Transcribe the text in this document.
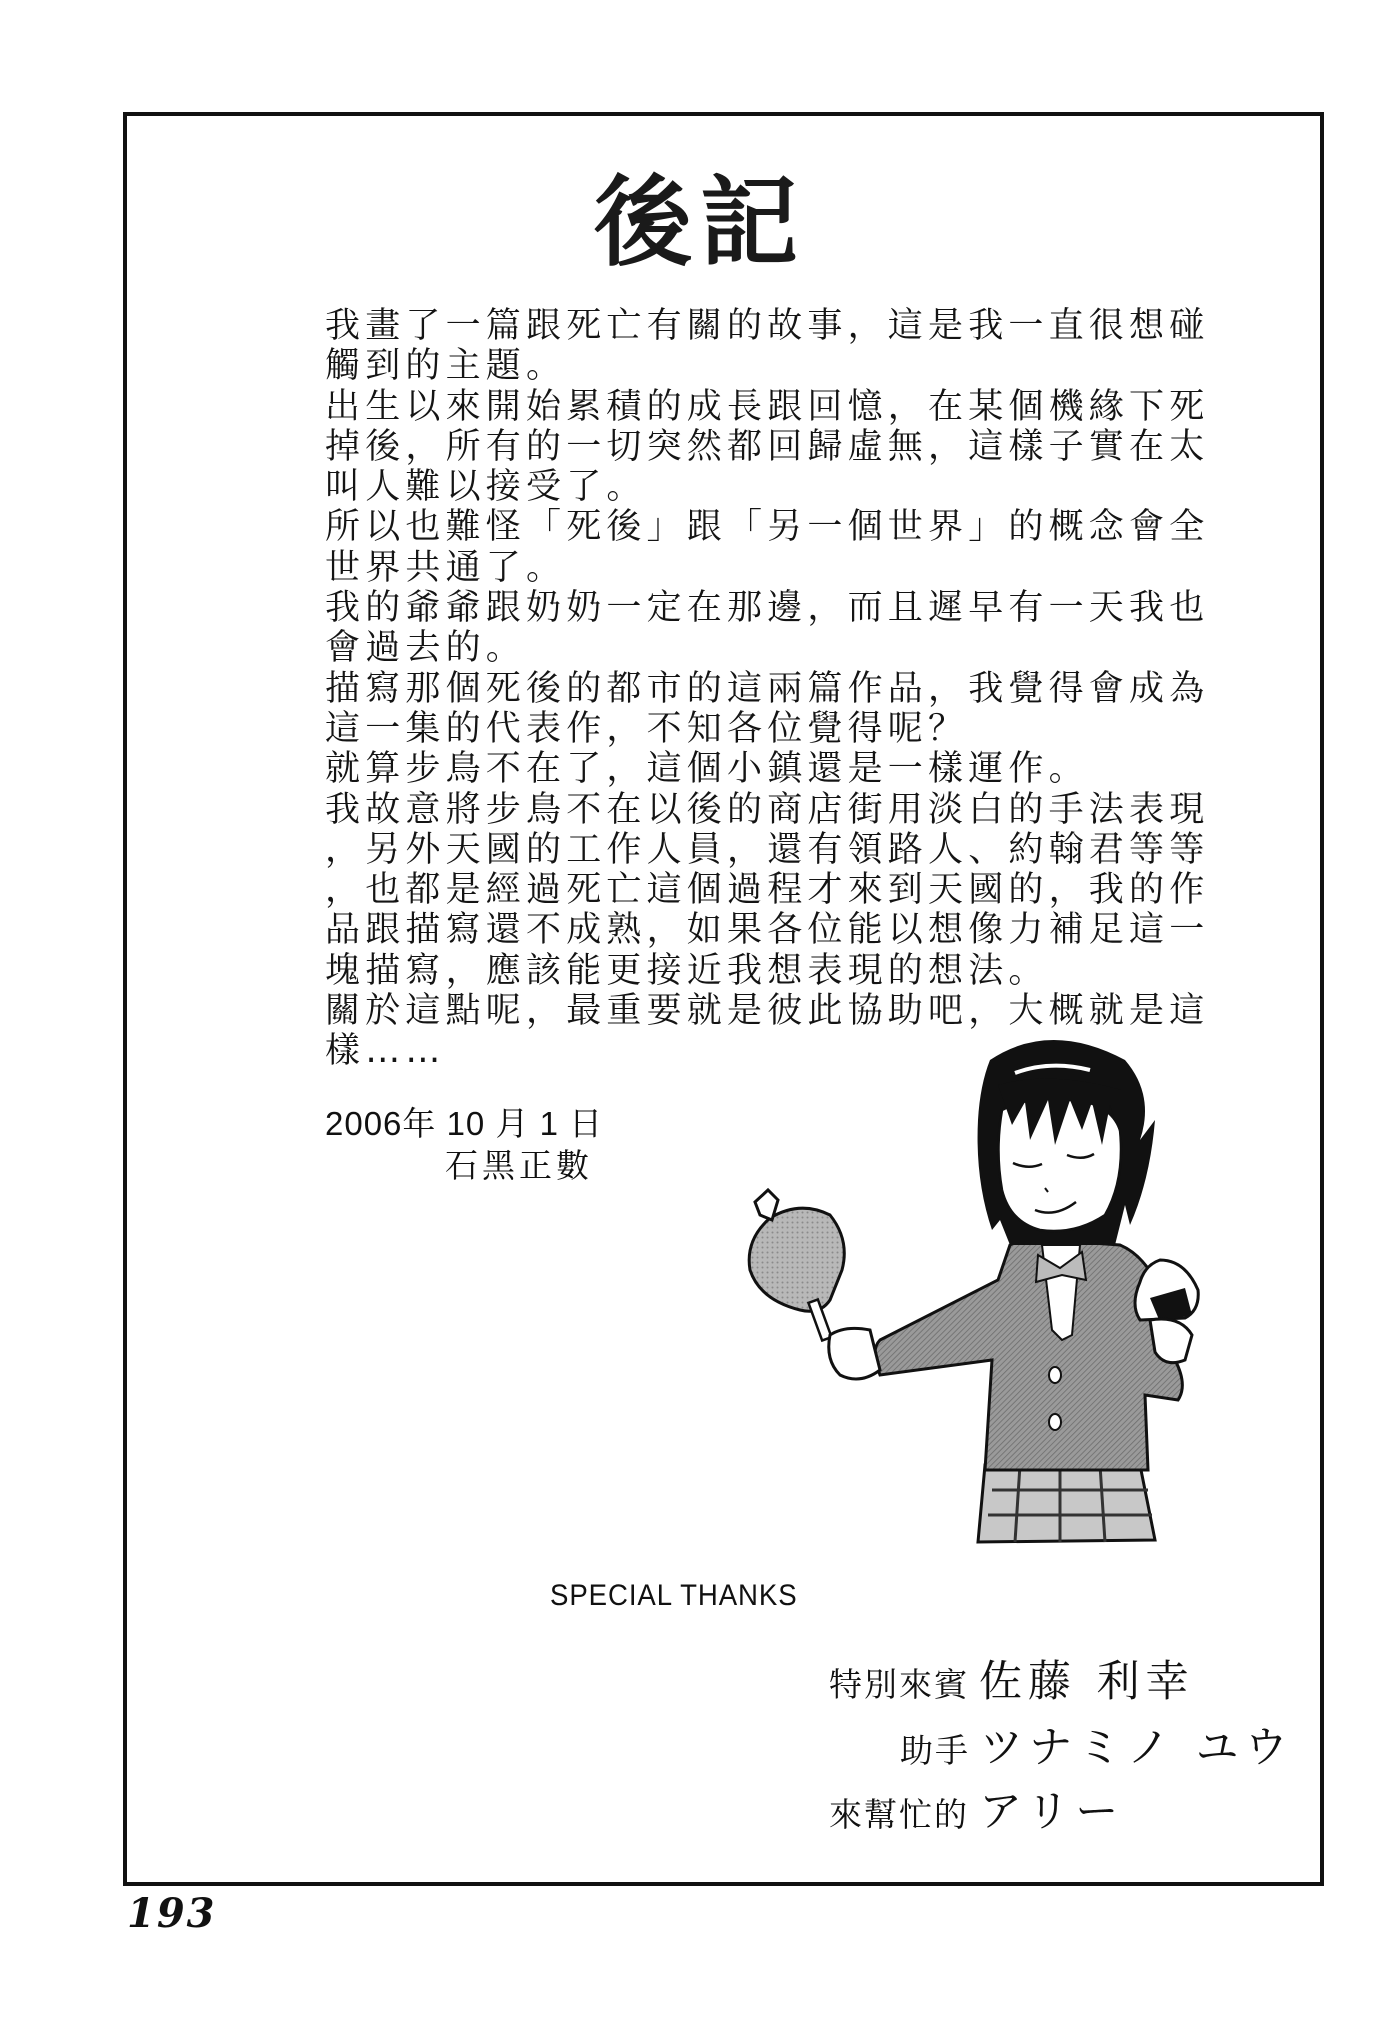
後記
我畫了一篇跟死亡有關的故事，這是我一直很想碰
觸到的主題。
出生以來開始累積的成長跟回憶，在某個機緣下死
掉後，所有的一切突然都回歸虛無，這樣子實在太
叫人難以接受了。
所以也難怪「死後」跟「另一個世界」的概念會全
世界共通了。
我的爺爺跟奶奶一定在那邊，而且遲早有一天我也
會過去的。
描寫那個死後的都市的這兩篇作品，我覺得會成為
這一集的代表作，不知各位覺得呢？
就算步鳥不在了，這個小鎮還是一樣運作。
我故意將步鳥不在以後的商店街用淡白的手法表現
，另外天國的工作人員，還有領路人、約翰君等等
，也都是經過死亡這個過程才來到天國的，我的作
品跟描寫還不成熟，如果各位能以想像力補足這一
塊描寫，應該能更接近我想表現的想法。
關於這點呢，最重要就是彼此協助吧，大概就是這
樣……
2006年 10 月 1 日
石黑正數
SPECIAL THANKS
特別來賓 佐藤 利幸
助手 ツナミノ ユウ
來幫忙的 アリー
193
